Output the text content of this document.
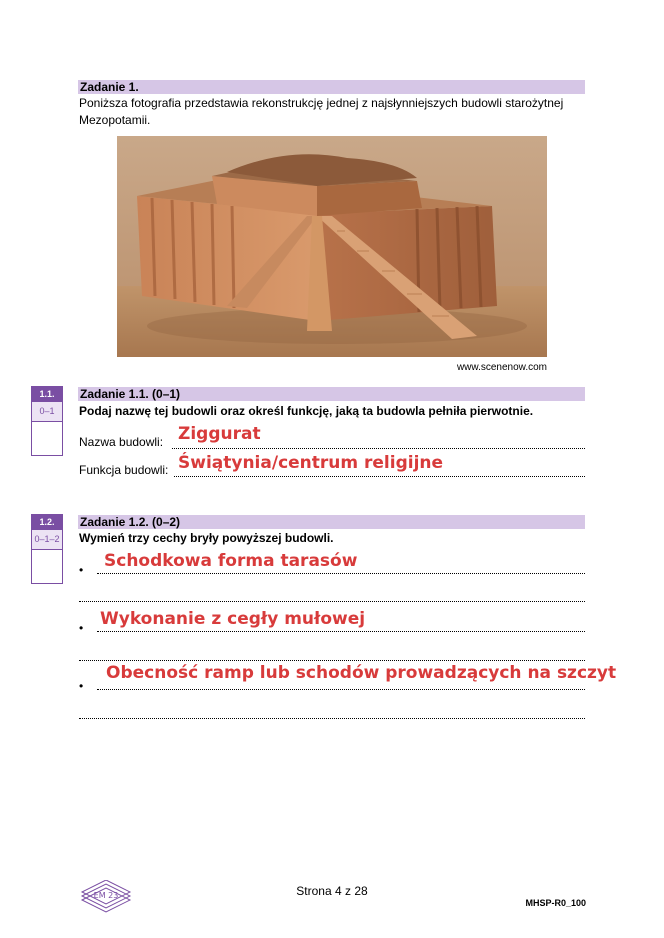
Zadanie 1.
Poniższa fotografia przedstawia rekonstrukcję jednej z najsłynniejszych budowli starożytnej Mezopotamii.
www.scenenow.com
1.1.
0–1
Zadanie 1.1. (0–1)
Podaj nazwę tej budowli oraz określ funkcję, jaką ta budowla pełniła pierwotnie.
Nazwa budowli: Ziggurat
Funkcja budowli: Świątynia/centrum religijne
1.2.
0–1–2
Zadanie 1.2. (0–2)
Wymień trzy cechy bryły powyższej budowli.
• Schodkowa forma tarasów
• Wykonanie z cegły mułowej
•
Obecność ramp lub schodów prowadzących na szczyt
EM 23	Strona 4 z 28
MHSP-R0_100
